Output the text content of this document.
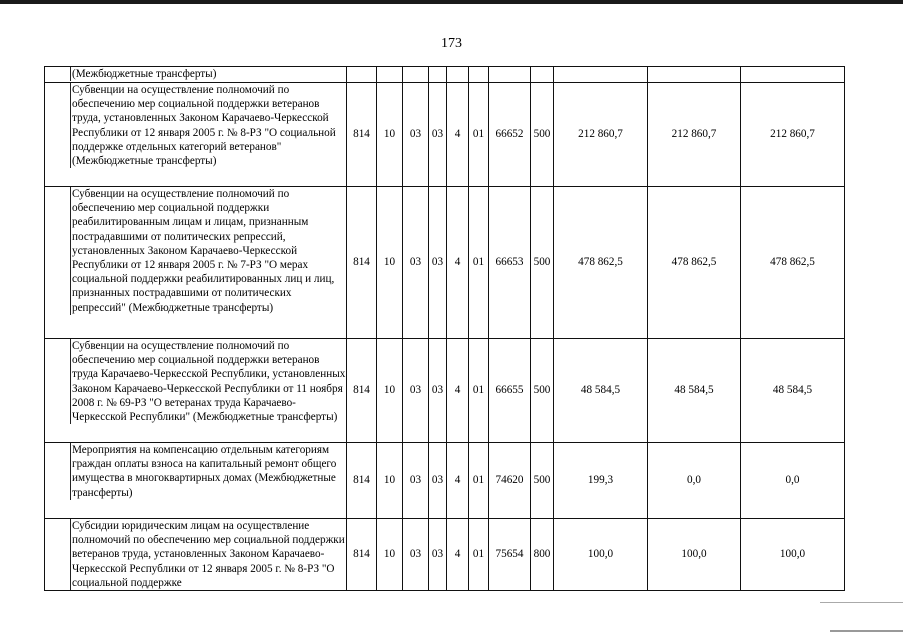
173
(Межбюджетные трансферты)											

Субвенции на осуществление полномочий по обеспечению мер социальной поддержки ветеранов труда, установленных Законом Карачаево-Черкесской Республики от 12 января 2005 г. № 8-РЗ "О социальной поддержке отдельных категорий ветеранов" (Межбюджетные трансферты)	814	10	03	03	4	01	66652	500	212 860,7	212 860,7	212 860,7

Субвенции на осуществление полномочий по обеспечению мер социальной поддержки реабилитированным лицам и лицам, признанным пострадавшими от политических репрессий, установленных Законом Карачаево-Черкесской Республики от 12 января 2005 г. № 7-РЗ "О мерах социальной поддержки реабилитированных лиц и лиц, признанных пострадавшими от политических репрессий" (Межбюджетные трансферты)	814	10	03	03	4	01	66653	500	478 862,5	478 862,5	478 862,5

Субвенции на осуществление полномочий по обеспечению мер социальной поддержки ветеранов труда Карачаево-Черкесской Республики, установленных Законом Карачаево-Черкесской Республики от 11 ноября 2008 г. № 69-РЗ "О ветеранах труда Карачаево-Черкесской Республики" (Межбюджетные трансферты)	814	10	03	03	4	01	66655	500	48 584,5	48 584,5	48 584,5

Мероприятия на компенсацию отдельным категориям граждан оплаты взноса на капитальный ремонт общего имущества в многоквартирных домах (Межбюджетные трансферты)	814	10	03	03	4	01	74620	500	199,3	0,0	0,0

Субсидии юридическим лицам на осуществление полномочий по обеспечению мер социальной поддержки ветеранов труда, установленных Законом Карачаево-Черкесской Республики от 12 января 2005 г. № 8-РЗ "О социальной поддержке	814	10	03	03	4	01	75654	800	100,0	100,0	100,0
